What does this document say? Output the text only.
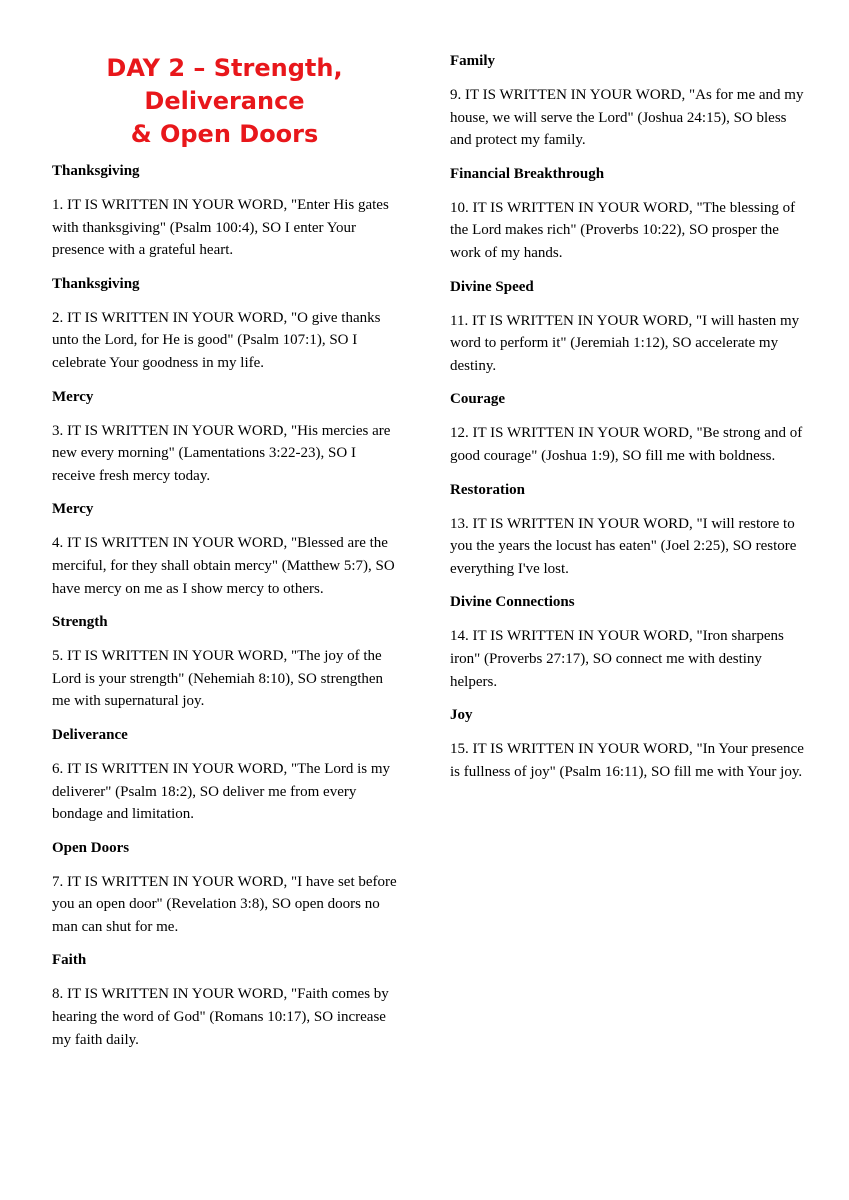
DAY 2 – Strength, Deliverance
& Open Doors

Thanksgiving

1. IT IS WRITTEN IN YOUR WORD, "Enter His gates with thanksgiving" (Psalm 100:4), SO I enter Your presence with a grateful heart.

Thanksgiving

2. IT IS WRITTEN IN YOUR WORD, "O give thanks unto the Lord, for He is good" (Psalm 107:1), SO I celebrate Your goodness in my life.

Mercy

3. IT IS WRITTEN IN YOUR WORD, "His mercies are new every morning" (Lamentations 3:22-23), SO I receive fresh mercy today.

Mercy

4. IT IS WRITTEN IN YOUR WORD, "Blessed are the merciful, for they shall obtain mercy" (Matthew 5:7), SO have mercy on me as I show mercy to others.

Strength

5. IT IS WRITTEN IN YOUR WORD, "The joy of the Lord is your strength" (Nehemiah 8:10), SO strengthen me with supernatural joy.

Deliverance

6. IT IS WRITTEN IN YOUR WORD, "The Lord is my deliverer" (Psalm 18:2), SO deliver me from every bondage and limitation.

Open Doors

7. IT IS WRITTEN IN YOUR WORD, "I have set before you an open door" (Revelation 3:8), SO open doors no man can shut for me.

Faith

8. IT IS WRITTEN IN YOUR WORD, "Faith comes by hearing the word of God" (Romans 10:17), SO increase my faith daily.

Family

9. IT IS WRITTEN IN YOUR WORD, "As for me and my house, we will serve the Lord" (Joshua 24:15), SO bless and protect my family.

Financial Breakthrough

10. IT IS WRITTEN IN YOUR WORD, "The blessing of the Lord makes rich" (Proverbs 10:22), SO prosper the work of my hands.

Divine Speed

11. IT IS WRITTEN IN YOUR WORD, "I will hasten my word to perform it" (Jeremiah 1:12), SO accelerate my destiny.

Courage

12. IT IS WRITTEN IN YOUR WORD, "Be strong and of good courage" (Joshua 1:9), SO fill me with boldness.

Restoration

13. IT IS WRITTEN IN YOUR WORD, "I will restore to you the years the locust has eaten" (Joel 2:25), SO restore everything I've lost.

Divine Connections

14. IT IS WRITTEN IN YOUR WORD, "Iron sharpens iron" (Proverbs 27:17), SO connect me with destiny helpers.

Joy

15. IT IS WRITTEN IN YOUR WORD, "In Your presence is fullness of joy" (Psalm 16:11), SO fill me with Your joy.
